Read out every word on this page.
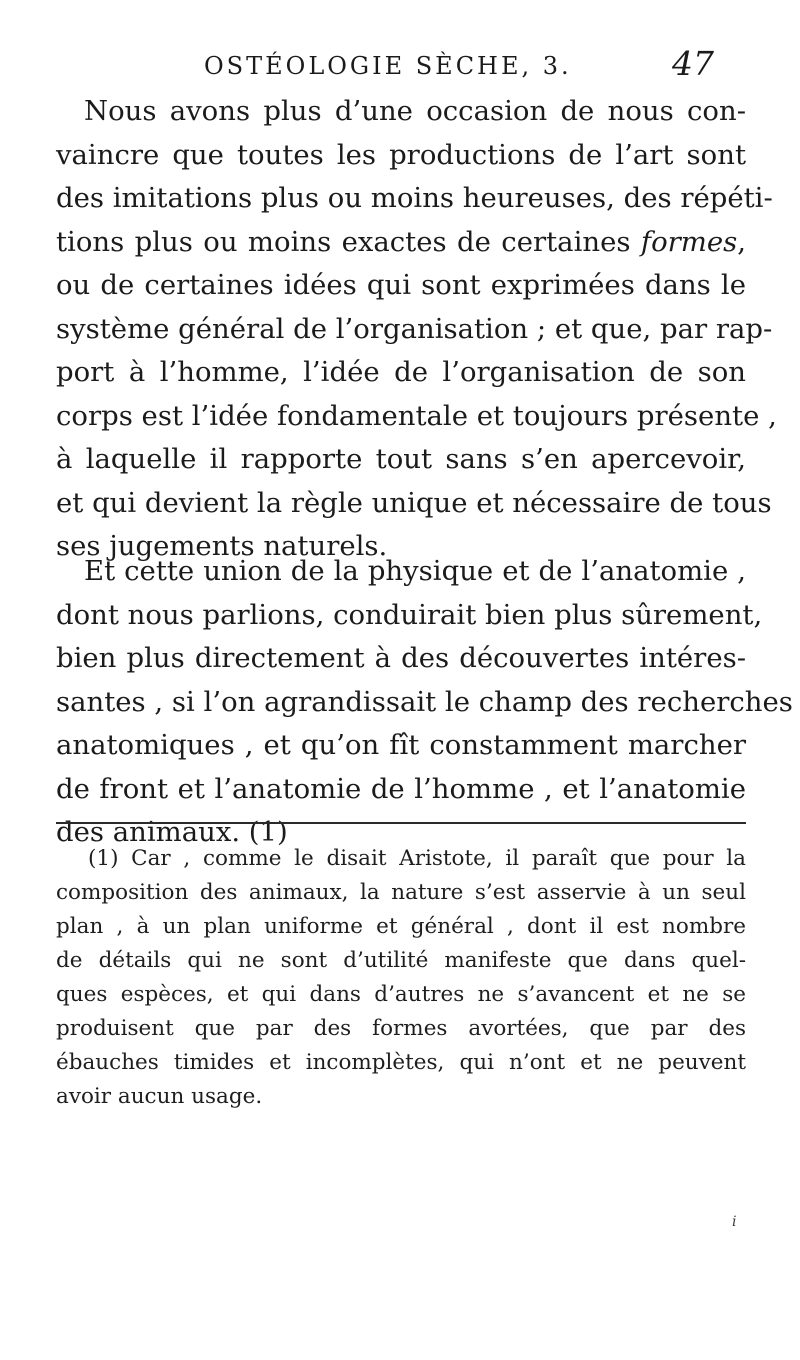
OSTÉOLOGIE SÈCHE, 3.	47
Nous avons plus d’une occasion de nous con-
vaincre que toutes les productions de l’art sont
des imitations plus ou moins heureuses, des répéti-
tions plus ou moins exactes de certaines formes,
ou de certaines idées qui sont exprimées dans le
système général de l’organisation ; et que, par rap-
port à l’homme, l’idée de l’organisation de son
corps est l’idée fondamentale et toujours présente ,
à laquelle il rapporte tout sans s’en apercevoir,
et qui devient la règle unique et nécessaire de tous
ses jugements naturels.
Et cette union de la physique et de l’anatomie ,
dont nous parlions, conduirait bien plus sûrement,
bien plus directement à des découvertes intéres-
santes , si l’on agrandissait le champ des recherches
anatomiques , et qu’on fît constamment marcher
de front et l’anatomie de l’homme , et l’anatomie
des animaux. (1)
(1) Car , comme le disait Aristote, il paraît que pour la
composition des animaux, la nature s’est asservie à un seul
plan , à un plan uniforme et général , dont il est nombre
de détails qui ne sont d’utilité manifeste que dans quel-
ques espèces, et qui dans d’autres ne s’avancent et ne se
produisent que par des formes avortées, que par des
ébauches timides et incomplètes, qui n’ont et ne peuvent
avoir aucun usage.
i
